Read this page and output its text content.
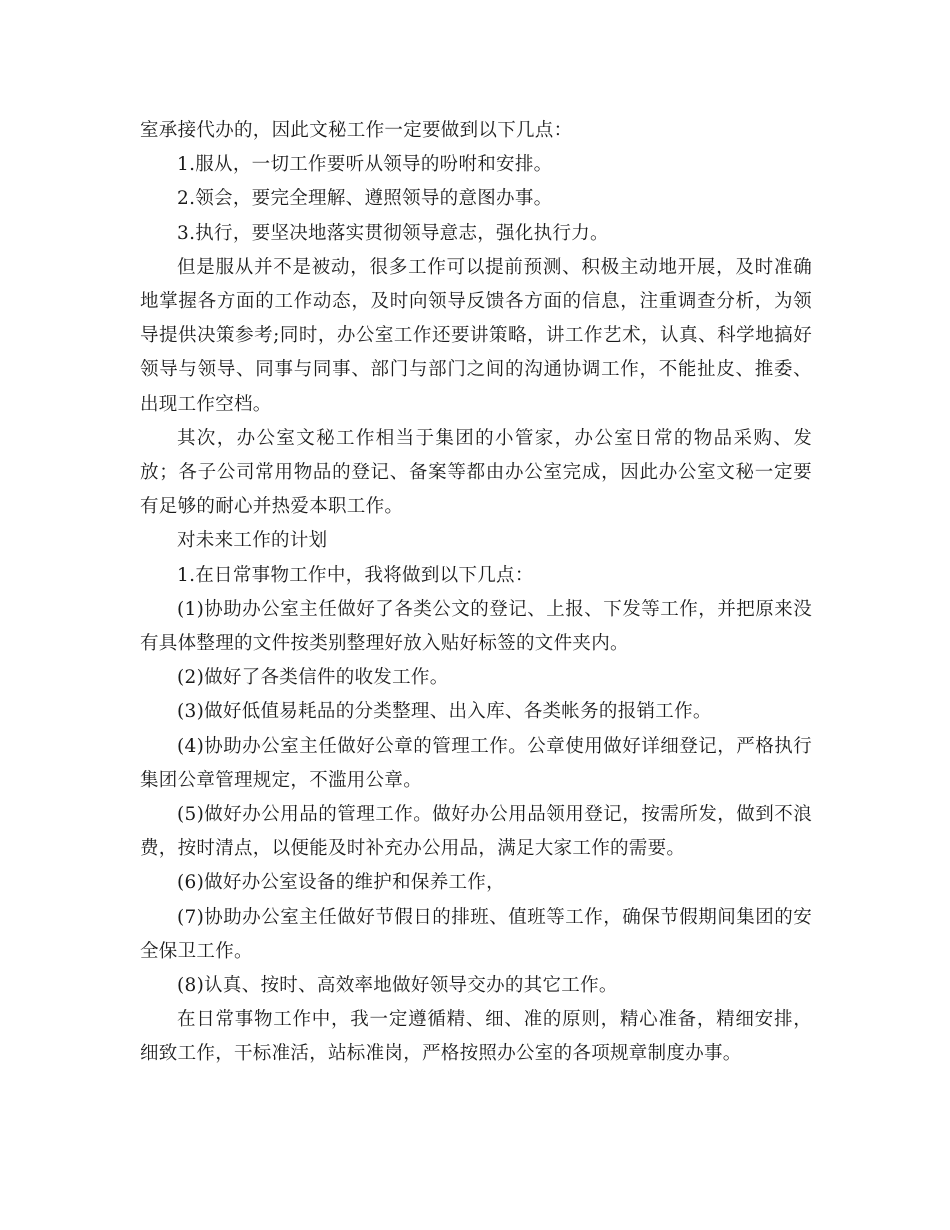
室承接代办的，因此文秘工作一定要做到以下几点：

1.服从，一切工作要听从领导的吩咐和安排。

2.领会，要完全理解、遵照领导的意图办事。

3.执行，要坚决地落实贯彻领导意志，强化执行力。

但是服从并不是被动，很多工作可以提前预测、积极主动地开展，及时准确地掌握各方面的工作动态，及时向领导反馈各方面的信息，注重调查分析，为领导提供决策参考;同时，办公室工作还要讲策略，讲工作艺术，认真、科学地搞好领导与领导、同事与同事、部门与部门之间的沟通协调工作，不能扯皮、推委、出现工作空档。

其次，办公室文秘工作相当于集团的小管家，办公室日常的物品采购、发放；各子公司常用物品的登记、备案等都由办公室完成，因此办公室文秘一定要有足够的耐心并热爱本职工作。

对未来工作的计划

1.在日常事物工作中，我将做到以下几点：

(1)协助办公室主任做好了各类公文的登记、上报、下发等工作，并把原来没有具体整理的文件按类别整理好放入贴好标签的文件夹内。

(2)做好了各类信件的收发工作。

(3)做好低值易耗品的分类整理、出入库、各类帐务的报销工作。

(4)协助办公室主任做好公章的管理工作。公章使用做好详细登记，严格执行集团公章管理规定，不滥用公章。

(5)做好办公用品的管理工作。做好办公用品领用登记，按需所发，做到不浪费，按时清点，以便能及时补充办公用品，满足大家工作的需要。

(6)做好办公室设备的维护和保养工作，

(7)协助办公室主任做好节假日的排班、值班等工作，确保节假期间集团的安全保卫工作。

(8)认真、按时、高效率地做好领导交办的其它工作。

在日常事物工作中，我一定遵循精、细、准的原则，精心准备，精细安排，细致工作，干标准活，站标准岗，严格按照办公室的各项规章制度办事。
